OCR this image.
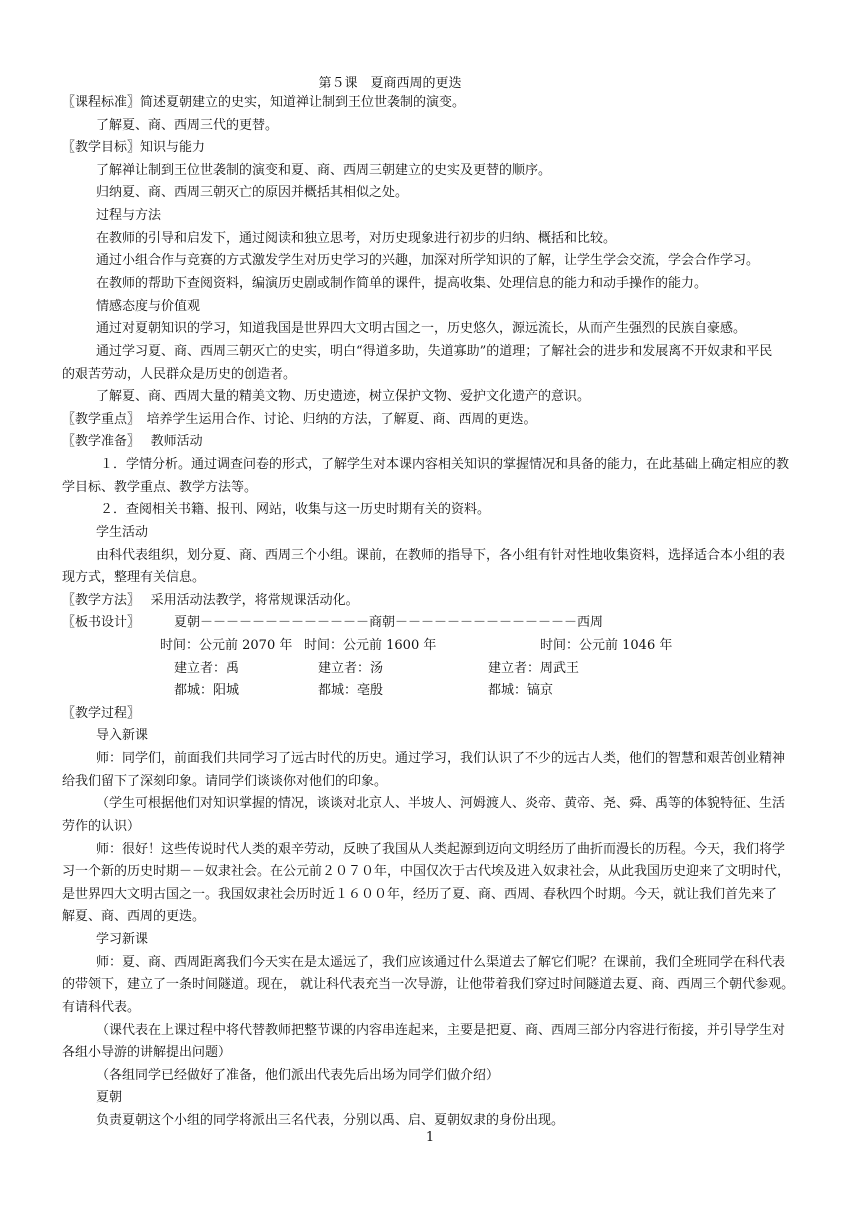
第５课　夏商西周的更迭
〖课程标准〗简述夏朝建立的史实，知道禅让制到王位世袭制的演变。
了解夏、商、西周三代的更替。
〖教学目标〗知识与能力
了解禅让制到王位世袭制的演变和夏、商、西周三朝建立的史实及更替的顺序。
归纳夏、商、西周三朝灭亡的原因并概括其相似之处。
过程与方法
在教师的引导和启发下，通过阅读和独立思考，对历史现象进行初步的归纳、概括和比较。
通过小组合作与竞赛的方式激发学生对历史学习的兴趣，加深对所学知识的了解，让学生学会交流，学会合作学习。
在教师的帮助下查阅资料，编演历史剧或制作简单的课件，提高收集、处理信息的能力和动手操作的能力。
情感态度与价值观
通过对夏朝知识的学习，知道我国是世界四大文明古国之一，历史悠久，源远流长，从而产生强烈的民族自豪感。
通过学习夏、商、西周三朝灭亡的史实，明白“得道多助，失道寡助”的道理；了解社会的进步和发展离不开奴隶和平民
的艰苦劳动，人民群众是历史的创造者。
了解夏、商、西周大量的精美文物、历史遗迹，树立保护文物、爱护文化遗产的意识。
〖教学重点〗　培养学生运用合作、讨论、归纳的方法，了解夏、商、西周的更迭。
〖教学准备〗　 教师活动
１．学情分析。通过调查问卷的形式，了解学生对本课内容相关知识的掌握情况和具备的能力，在此基础上确定相应的教
学目标、教学重点、教学方法等。
２．查阅相关书籍、报刊、网站，收集与这一历史时期有关的资料。
学生活动
由科代表组织，划分夏、商、西周三个小组。课前，在教师的指导下，各小组有针对性地收集资料，选择适合本小组的表
现方式，整理有关信息。
〖教学方法〗　 采用活动法教学，将常规课活动化。
〖教学过程〗
导入新课
师：同学们，前面我们共同学习了远古时代的历史。通过学习，我们认识了不少的远古人类，他们的智慧和艰苦创业精神
给我们留下了深刻印象。请同学们谈谈你对他们的印象。
（学生可根据他们对知识掌握的情况，谈谈对北京人、半坡人、河姆渡人、炎帝、黄帝、尧、舜、禹等的体貌特征、生活
劳作的认识）
师：很好！这些传说时代人类的艰辛劳动，反映了我国从人类起源到迈向文明经历了曲折而漫长的历程。今天，我们将学
习一个新的历史时期－－奴隶社会。在公元前２０７０年，中国仅次于古代埃及进入奴隶社会，从此我国历史迎来了文明时代，
是世界四大文明古国之一。我国奴隶社会历时近１６００年，经历了夏、商、西周、春秋四个时期。今天，就让我们首先来了
解夏、商、西周的更迭。
学习新课
师：夏、商、西周距离我们今天实在是太遥远了，我们应该通过什么渠道去了解它们呢？在课前，我们全班同学在科代表
的带领下，建立了一条时间隧道。现在， 就让科代表充当一次导游，让他带着我们穿过时间隧道去夏、商、西周三个朝代参观。
有请科代表。
（课代表在上课过程中将代替教师把整节课的内容串连起来，主要是把夏、商、西周三部分内容进行衔接，并引导学生对
各组小导游的讲解提出问题）
（各组同学已经做好了准备，他们派出代表先后出场为同学们做介绍）
夏朝
负责夏朝这个小组的同学将派出三名代表，分别以禹、启、夏朝奴隶的身份出现。
〖板书设计〗	夏朝－－－－－－－－－－－－－商朝－－－－－－－－－－－－－－西周
时间：公元前 2070 年 时间：公元前 1600 年	时间：公元前 1046 年
建立者：禹	建立者：汤	建立者：周武王
都城：阳城	都城：亳殷	都城：镐京
1
